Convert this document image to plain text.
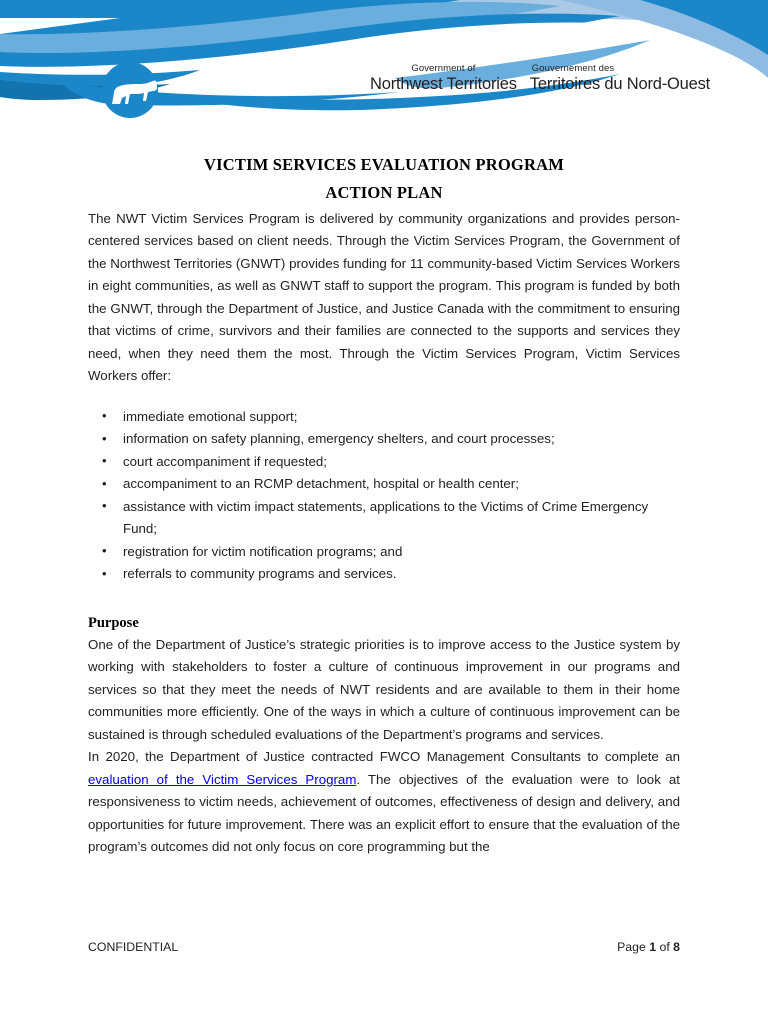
Government of
Northwest Territories
Gouvernement des
Territoires du Nord-Ouest
VICTIM SERVICES EVALUATION PROGRAM
ACTION PLAN

The NWT Victim Services Program is delivered by community organizations and provides person-centered services based on client needs. Through the Victim Services Program, the Government of the Northwest Territories (GNWT) provides funding for 11 community-based Victim Services Workers in eight communities, as well as GNWT staff to support the program. This program is funded by both the GNWT, through the Department of Justice, and Justice Canada with the commitment to ensuring that victims of crime, survivors and their families are connected to the supports and services they need, when they need them the most. Through the Victim Services Program, Victim Services Workers offer:

• immediate emotional support;
• information on safety planning, emergency shelters, and court processes;
• court accompaniment if requested;
• accompaniment to an RCMP detachment, hospital or health center;
• assistance with victim impact statements, applications to the Victims of Crime Emergency Fund;
• registration for victim notification programs; and
• referrals to community programs and services.
Purpose

One of the Department of Justice’s strategic priorities is to improve access to the Justice system by working with stakeholders to foster a culture of continuous improvement in our programs and services so that they meet the needs of NWT residents and are available to them in their home communities more efficiently. One of the ways in which a culture of continuous improvement can be sustained is through scheduled evaluations of the Department’s programs and services.

In 2020, the Department of Justice contracted FWCO Management Consultants to complete an evaluation of the Victim Services Program. The objectives of the evaluation were to look at responsiveness to victim needs, achievement of outcomes, effectiveness of design and delivery, and opportunities for future improvement. There was an explicit effort to ensure that the evaluation of the program’s outcomes did not only focus on core programming but the

CONFIDENTIAL	Page 1 of 8
